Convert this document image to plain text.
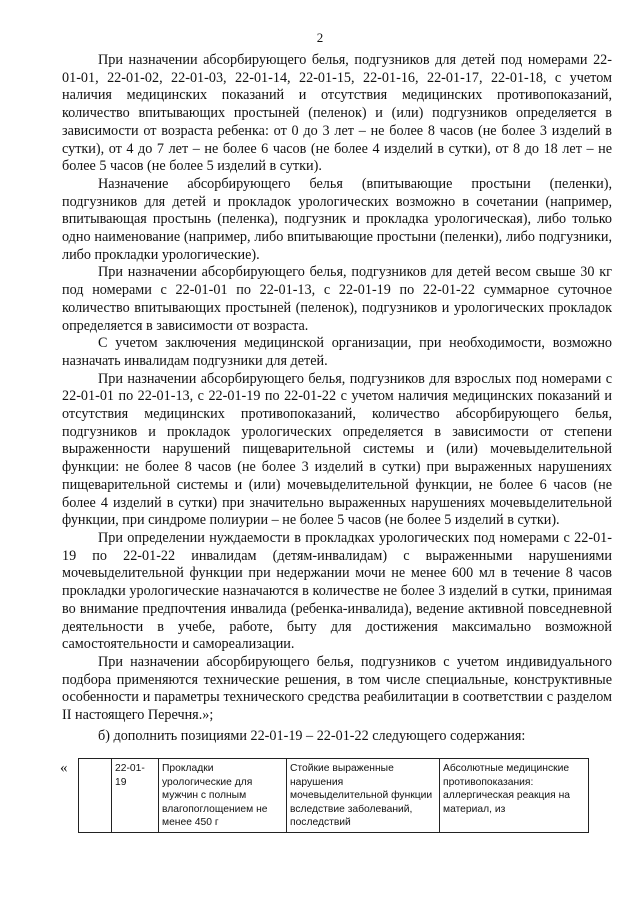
2

При назначении абсорбирующего белья, подгузников для детей под номерами 22-01-01, 22-01-02, 22-01-03, 22-01-14, 22-01-15, 22-01-16, 22-01-17, 22-01-18, с учетом наличия медицинских показаний и отсутствия медицинских противопоказаний, количество впитывающих простыней (пеленок) и (или) подгузников определяется в зависимости от возраста ребенка: от 0 до 3 лет – не более 8 часов (не более 3 изделий в сутки), от 4 до 7 лет – не более 6 часов (не более 4 изделий в сутки), от 8 до 18 лет – не более 5 часов (не более 5 изделий в сутки).

Назначение абсорбирующего белья (впитывающие простыни (пеленки), подгузников для детей и прокладок урологических возможно в сочетании (например, впитывающая простынь (пеленка), подгузник и прокладка урологическая), либо только одно наименование (например, либо впитывающие простыни (пеленки), либо подгузники, либо прокладки урологические).

При назначении абсорбирующего белья, подгузников для детей весом свыше 30 кг под номерами с 22-01-01 по 22-01-13, с 22-01-19 по 22-01-22 суммарное суточное количество впитывающих простыней (пеленок), подгузников и урологических прокладок определяется в зависимости от возраста.

С учетом заключения медицинской организации, при необходимости, возможно назначать инвалидам подгузники для детей.

При назначении абсорбирующего белья, подгузников для взрослых под номерами с 22-01-01 по 22-01-13, с 22-01-19 по 22-01-22 с учетом наличия медицинских показаний и отсутствия медицинских противопоказаний, количество абсорбирующего белья, подгузников и прокладок урологических определяется в зависимости от степени выраженности нарушений пищеварительной системы и (или) мочевыделительной функции: не более 8 часов (не более 3 изделий в сутки) при выраженных нарушениях пищеварительной системы и (или) мочевыделительной функции, не более 6 часов (не более 4 изделий в сутки) при значительно выраженных нарушениях мочевыделительной функции, при синдроме полиурии – не более 5 часов (не более 5 изделий в сутки).

При определении нуждаемости в прокладках урологических под номерами с 22-01-19 по 22-01-22 инвалидам (детям-инвалидам) с выраженными нарушениями мочевыделительной функции при недержании мочи не менее 600 мл в течение 8 часов прокладки урологические назначаются в количестве не более 3 изделий в сутки, принимая во внимание предпочтения инвалида (ребенка-инвалида), ведение активной повседневной деятельности в учебе, работе, быту для достижения максимально возможной самостоятельности и самореализации.

При назначении абсорбирующего белья, подгузников с учетом индивидуального подбора применяются технические решения, в том числе специальные, конструктивные особенности и параметры технического средства реабилитации в соответствии с разделом II настоящего Перечня.»;

б) дополнить позициями 22-01-19 – 22-01-22 следующего содержания:

«
		22-01-19	Прокладки урологические для мужчин с полным влагопоглощением не менее 450 г	Стойкие выраженные нарушения мочевыделительной функции вследствие заболеваний, последствий	Абсолютные медицинские противопоказания: аллергическая реакция на материал, из
